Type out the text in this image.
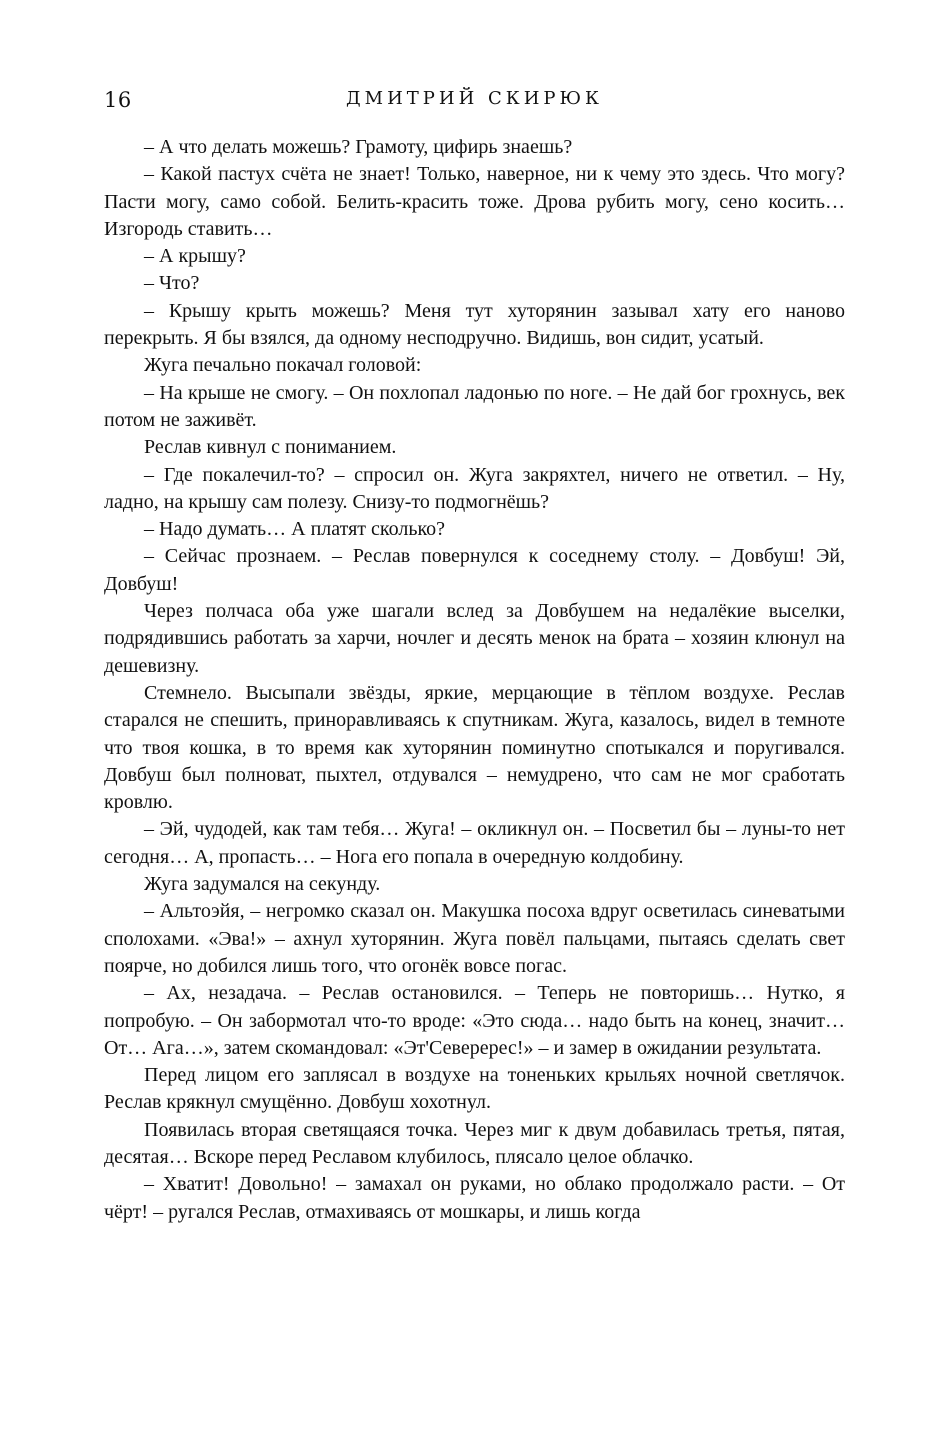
16	ДМИТРИЙ СКИРЮК

– А что делать можешь? Грамоту, цифирь знаешь?

– Какой пастух счёта не знает! Только, наверное, ни к чему это здесь. Что могу? Пасти могу, само собой. Белить-красить тоже. Дрова рубить могу, сено косить… Изгородь ставить…

– А крышу?

– Что?

– Крышу крыть можешь? Меня тут хуторянин зазывал хату его наново перекрыть. Я бы взялся, да одному несподручно. Видишь, вон сидит, усатый.

Жуга печально покачал головой:

– На крыше не смогу. – Он похлопал ладонью по ноге. – Не дай бог грохнусь, век потом не заживёт.

Реслав кивнул с пониманием.

– Где покалечил-то? – спросил он. Жуга закряхтел, ничего не ответил. – Ну, ладно, на крышу сам полезу. Снизу-то подмогнёшь?

– Надо думать… А платят сколько?

– Сейчас прознаем. – Реслав повернулся к соседнему столу. – Довбуш! Эй, Довбуш!

Через полчаса оба уже шагали вслед за Довбушем на недалёкие выселки, подрядившись работать за харчи, ночлег и десять менок на брата – хозяин клюнул на дешевизну.

Стемнело. Высыпали звёзды, яркие, мерцающие в тёплом воздухе. Реслав старался не спешить, приноравливаясь к спутникам. Жуга, казалось, видел в темноте что твоя кошка, в то время как хуторянин поминутно спотыкался и поругивался. Довбуш был полноват, пыхтел, отдувался – немудрено, что сам не мог сработать кровлю.

– Эй, чудодей, как там тебя… Жуга! – окликнул он. – Посветил бы – луны-то нет сегодня… А, пропасть… – Нога его попала в очередную колдобину.

Жуга задумался на секунду.

– Альтоэйя, – негромко сказал он. Макушка посоха вдруг осветилась синеватыми сполохами. «Эва!» – ахнул хуторянин. Жуга повёл пальцами, пытаясь сделать свет поярче, но добился лишь того, что огонёк вовсе погас.

– Ах, незадача. – Реслав остановился. – Теперь не повторишь… Нутко, я попробую. – Он забормотал что-то вроде: «Это сюда… надо быть на конец, значит… От… Ага…», затем скомандовал: «Эт'Северерес!» – и замер в ожидании результата.

Перед лицом его заплясал в воздухе на тоненьких крыльях ночной светлячок. Реслав крякнул смущённо. Довбуш хохотнул.

Появилась вторая светящаяся точка. Через миг к двум добавилась третья, пятая, десятая… Вскоре перед Реславом клубилось, плясало целое облачко.

– Хватит! Довольно! – замахал он руками, но облако продолжало расти. – От чёрт! – ругался Реслав, отмахиваясь от мошкары, и лишь когда
